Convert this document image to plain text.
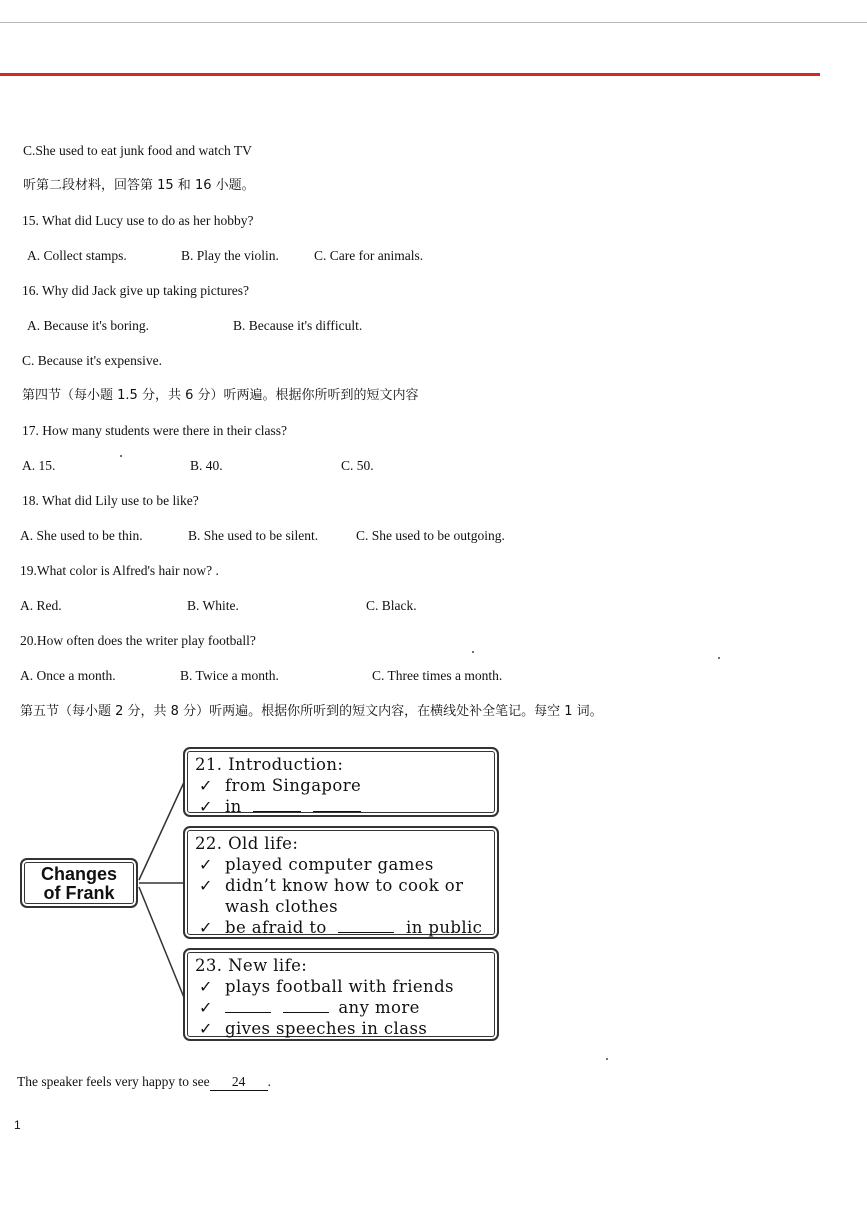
C.She used to eat junk food and watch TV
听第二段材料，回答第 15 和 16 小题。
15. What did Lucy use to do as her hobby?
A. Collect stamps.	B. Play the violin.	C. Care for animals.
16. Why did Jack give up taking pictures?
A. Because it's boring.	B. Because it's difficult.
C. Because it's expensive.
第四节（每小题 1.5 分，共 6 分）听两遍。根据你所听到的短文内容
17. How many students were there in their class?
A. 15.	B. 40.	C. 50.
18. What did Lily use to be like?
A. She used to be thin.	B. She used to be silent.	C. She used to be outgoing.
19.What color is Alfred's hair now? .
A. Red.	B. White.	C. Black.
20.How often does the writer play football?
A. Once a month.	B. Twice a month.	C. Three times a month.
第五节（每小题 2 分，共 8 分）听两遍。根据你所听到的短文内容，在横线处补全笔记。每空 1 词。
Changes
of Frank
21. Introduction:
✓ from Singapore
✓ in
22. Old life:
✓ played computer games
✓ didn’t know how to cook or
wash clothes
✓ be afraid to	in public
23. New life:
✓ plays football with friends
✓	any more
✓ gives speeches in class
The speaker feels very happy to see 24 .
1
